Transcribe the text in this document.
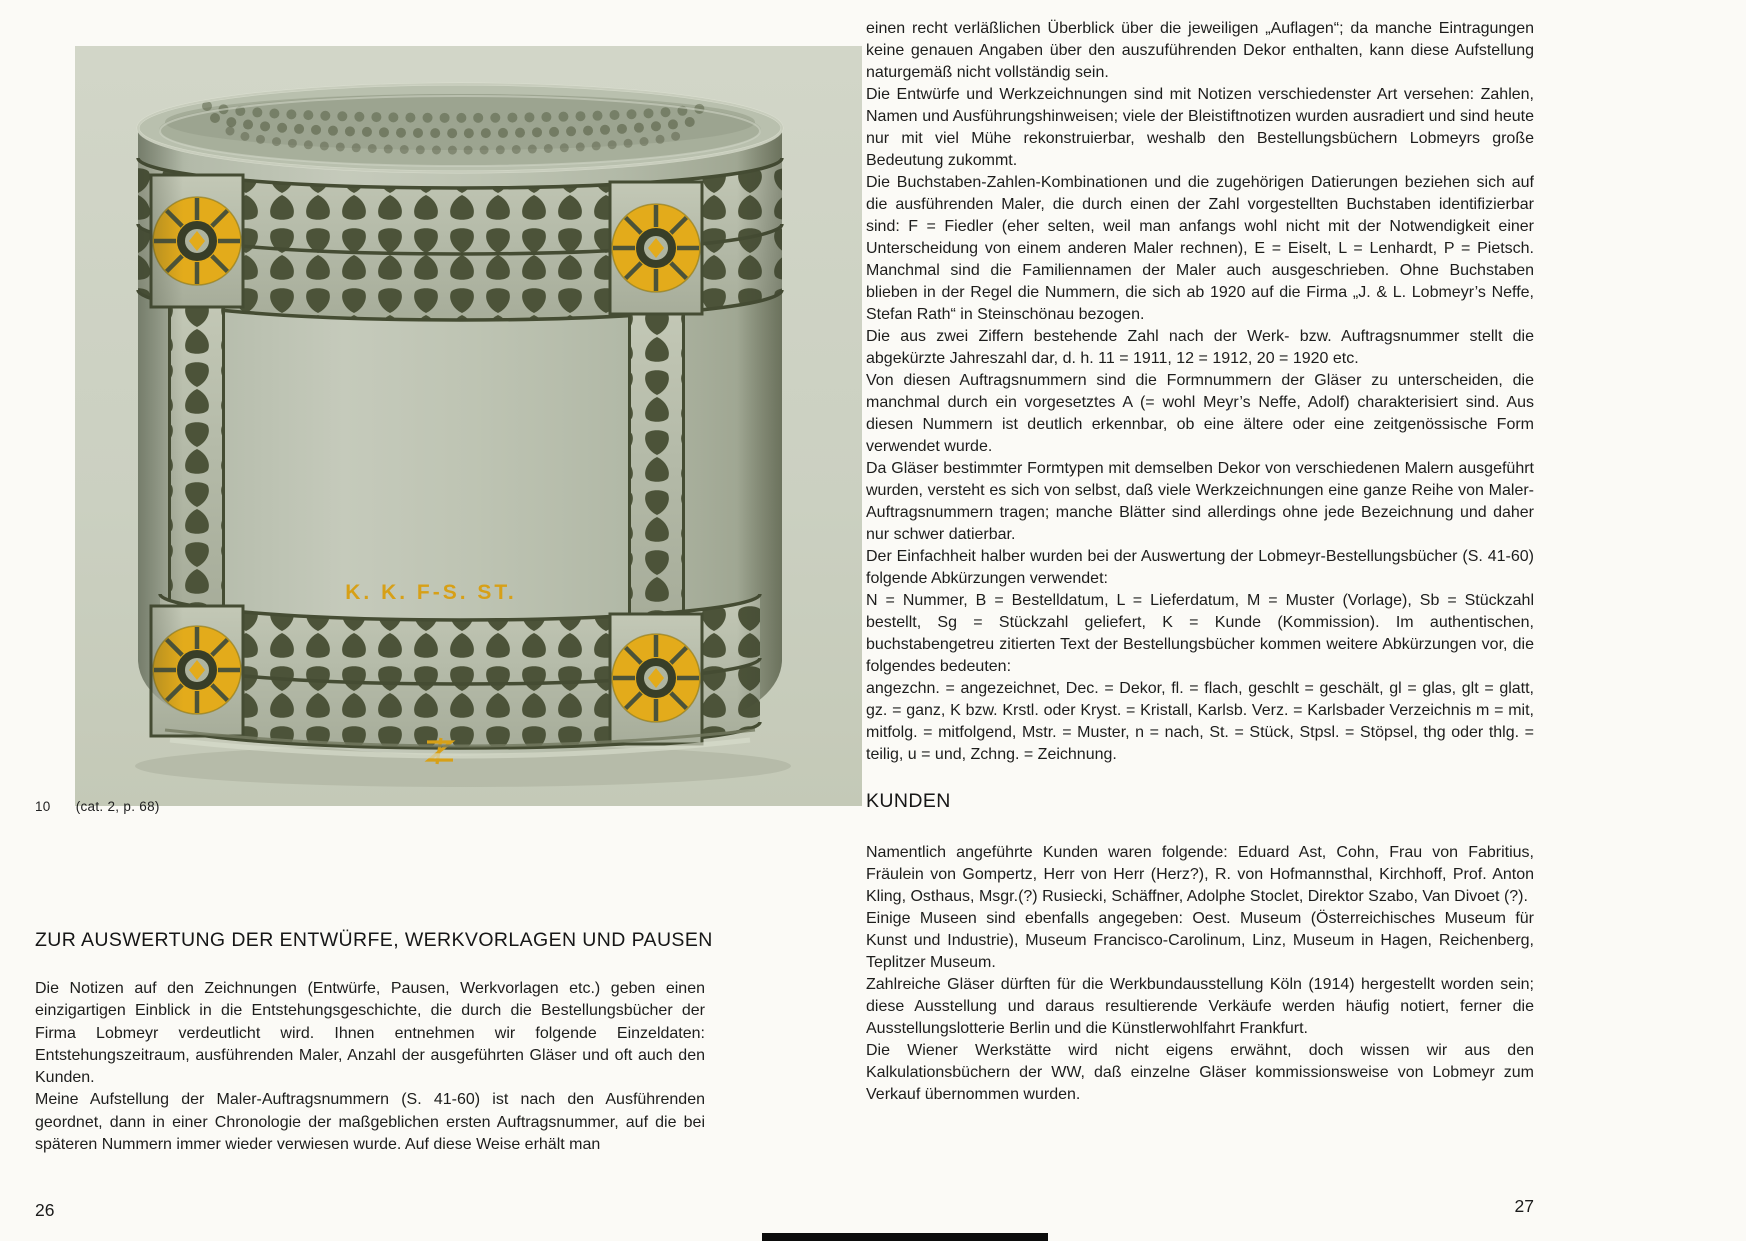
10 (cat. 2, p. 68)
ZUR AUSWERTUNG DER ENTWÜRFE, WERKVORLAGEN UND PAUSEN

Die Notizen auf den Zeichnungen (Entwürfe, Pausen, Werkvorlagen etc.) geben einen einzigartigen Einblick in die Entstehungsgeschichte, die durch die Bestellungsbücher der Firma Lobmeyr verdeutlicht wird. Ihnen entnehmen wir folgende Einzeldaten: Entstehungszeitraum, ausführenden Maler, Anzahl der ausgeführten Gläser und oft auch den Kunden.

Meine Aufstellung der Maler-Auftragsnummern (S. 41-60) ist nach den Ausführenden geordnet, dann in einer Chronologie der maßgeblichen ersten Auftragsnummer, auf die bei späteren Nummern immer wieder verwiesen wurde. Auf diese Weise erhält man

26

einen recht verläßlichen Überblick über die jeweiligen „Auflagen“; da manche Eintragungen keine genauen Angaben über den auszuführenden Dekor enthalten, kann diese Aufstellung naturgemäß nicht vollständig sein.

Die Entwürfe und Werkzeichnungen sind mit Notizen verschiedenster Art versehen: Zahlen, Namen und Ausführungshinweisen; viele der Bleistiftnotizen wurden ausradiert und sind heute nur mit viel Mühe rekonstruierbar, weshalb den Bestellungsbüchern Lobmeyrs große Bedeutung zukommt.

Die Buchstaben-Zahlen-Kombinationen und die zugehörigen Datierungen beziehen sich auf die ausführenden Maler, die durch einen der Zahl vorgestellten Buchstaben identifizierbar sind: F = Fiedler (eher selten, weil man anfangs wohl nicht mit der Notwendigkeit einer Unterscheidung von einem anderen Maler rechnen), E = Eiselt, L = Lenhardt, P = Pietsch. Manchmal sind die Familiennamen der Maler auch ausgeschrieben. Ohne Buchstaben blieben in der Regel die Nummern, die sich ab 1920 auf die Firma „J. & L. Lobmeyr’s Neffe, Stefan Rath“ in Steinschönau bezogen.

Die aus zwei Ziffern bestehende Zahl nach der Werk- bzw. Auftragsnummer stellt die abgekürzte Jahreszahl dar, d. h. 11 = 1911, 12 = 1912, 20 = 1920 etc.

Von diesen Auftragsnummern sind die Formnummern der Gläser zu unterscheiden, die manchmal durch ein vorgesetztes A (= wohl Meyr’s Neffe, Adolf) charakterisiert sind. Aus diesen Nummern ist deutlich erkennbar, ob eine ältere oder eine zeitgenössische Form verwendet wurde.

Da Gläser bestimmter Formtypen mit demselben Dekor von verschiedenen Malern ausgeführt wurden, versteht es sich von selbst, daß viele Werkzeichnungen eine ganze Reihe von Maler-Auftragsnummern tragen; manche Blätter sind allerdings ohne jede Bezeichnung und daher nur schwer datierbar.

Der Einfachheit halber wurden bei der Auswertung der Lobmeyr-Bestellungsbücher (S. 41-60) folgende Abkürzungen verwendet:

N = Nummer, B = Bestelldatum, L = Lieferdatum, M = Muster (Vorlage), Sb = Stückzahl bestellt, Sg = Stückzahl geliefert, K = Kunde (Kommission). Im authentischen, buchstabengetreu zitierten Text der Bestellungsbücher kommen weitere Abkürzungen vor, die folgendes bedeuten:

angezchn. = angezeichnet, Dec. = Dekor, fl. = flach, geschlt = geschält, gl = glas, glt = glatt, gz. = ganz, K bzw. Krstl. oder Kryst. = Kristall, Karlsb. Verz. = Karlsbader Verzeichnis m = mit, mitfolg. = mitfolgend, Mstr. = Muster, n = nach, St. = Stück, Stpsl. = Stöpsel, thg oder thlg. = teilig, u = und, Zchng. = Zeichnung.

KUNDEN

Namentlich angeführte Kunden waren folgende: Eduard Ast, Cohn, Frau von Fabritius, Fräulein von Gompertz, Herr von Herr (Herz?), R. von Hofmannsthal, Kirchhoff, Prof. Anton Kling, Osthaus, Msgr.(?) Rusiecki, Schäffner, Adolphe Stoclet, Direktor Szabo, Van Divoet (?).

Einige Museen sind ebenfalls angegeben: Oest. Museum (Österreichisches Museum für Kunst und Industrie), Museum Francisco-Carolinum, Linz, Museum in Hagen, Reichenberg, Teplitzer Museum.

Zahlreiche Gläser dürften für die Werkbundausstellung Köln (1914) hergestellt worden sein; diese Ausstellung und daraus resultierende Verkäufe werden häufig notiert, ferner die Ausstellungslotterie Berlin und die Künstlerwohlfahrt Frankfurt.

Die Wiener Werkstätte wird nicht eigens erwähnt, doch wissen wir aus den Kalkulationsbüchern der WW, daß einzelne Gläser kommissionsweise von Lobmeyr zum Verkauf übernommen wurden.

27
